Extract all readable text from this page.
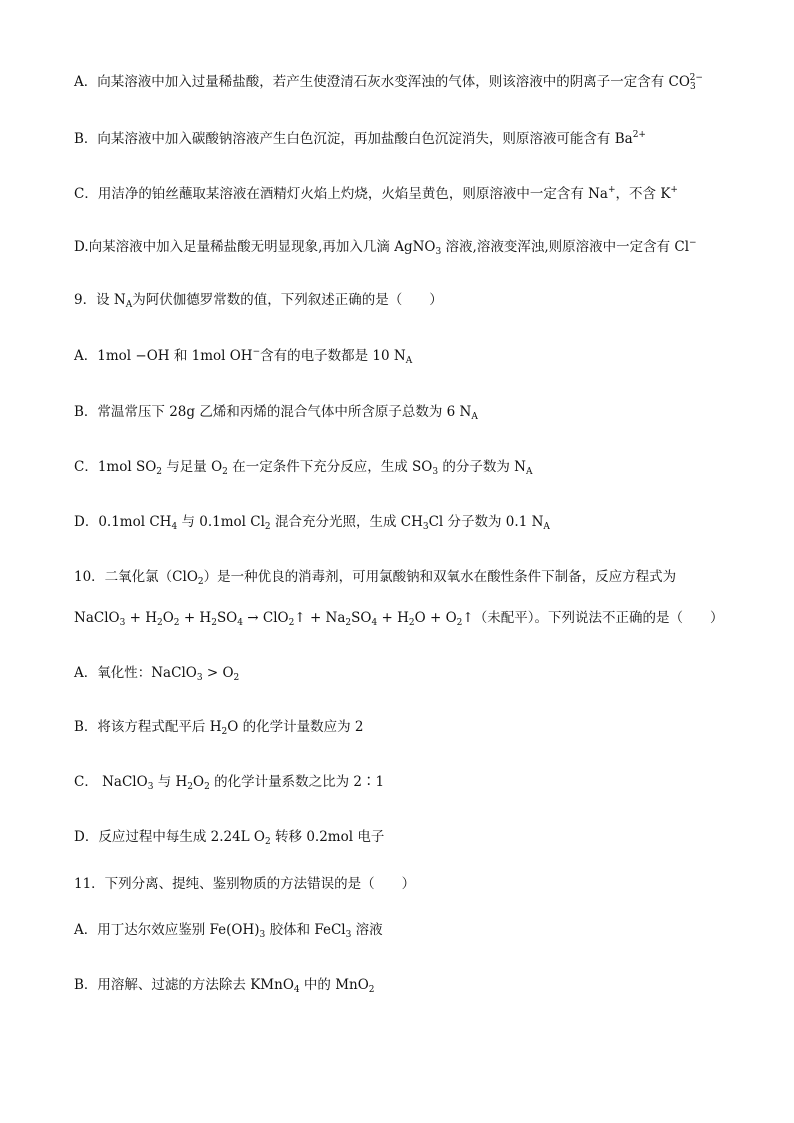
A．向某溶液中加入过量稀盐酸，若产生使澄清石灰水变浑浊的气体，则该溶液中的阴离子一定含有 $CO_3^{2-}$
B．向某溶液中加入碳酸钠溶液产生白色沉淀，再加盐酸白色沉淀消失，则原溶液可能含有 $Ba^{2+}$
C．用洁净的铂丝蘸取某溶液在酒精灯火焰上灼烧，火焰呈黄色，则原溶液中一定含有 Na+，不含 K+
D.向某溶液中加入足量稀盐酸无明显现象,再加入几滴 AgNO$_3$ 溶液,溶液变浑浊,则原溶液中一定含有 Cl−
9．设 $N_A$为阿伏伽德罗常数的值，下列叙述正确的是（　　）
A．1mol −OH 和 1mol OH−含有的电子数都是 10 $N_A$
B．常温常压下 28g 乙烯和丙烯的混合气体中所含原子总数为 6 $N_A$
C．1mol $SO_2$ 与足量 $O_2$ 在一定条件下充分反应，生成 $SO_3$ 的分子数为 $N_A$
D．0.1mol $CH_4$ 与 0.1mol $Cl_2$ 混合充分光照，生成 $CH_3Cl$ 分子数为 0.1 $N_A$
10．二氧化氯（ClO$_2$）是一种优良的消毒剂，可用氯酸钠和双氧水在酸性条件下制备，反应方程式为
NaClO$_3$ + $H_2O_2 + H_2SO_4$ → ClO$_2$↑ + $Na_2SO_4 + H_2O$ + $O_2↑$（未配平）。下列说法不正确的是（　　）
A．氧化性：NaClO$_3$ > $O_2$
B．将该方程式配平后 $H_2O$ 的化学计量数应为 2
C． NaClO$_3$ 与 $H_2O_2$ 的化学计量系数之比为 2∶1
D．反应过程中每生成 2.24L $O_2$ 转移 0.2mol 电子
11．下列分离、提纯、鉴别物质的方法错误的是（　　）
A．用丁达尔效应鉴别 $Fe(OH)_3$ 胶体和 FeCl$_3$ 溶液
B．用溶解、过滤的方法除去 KMnO$_4$ 中的 MnO$_2$
